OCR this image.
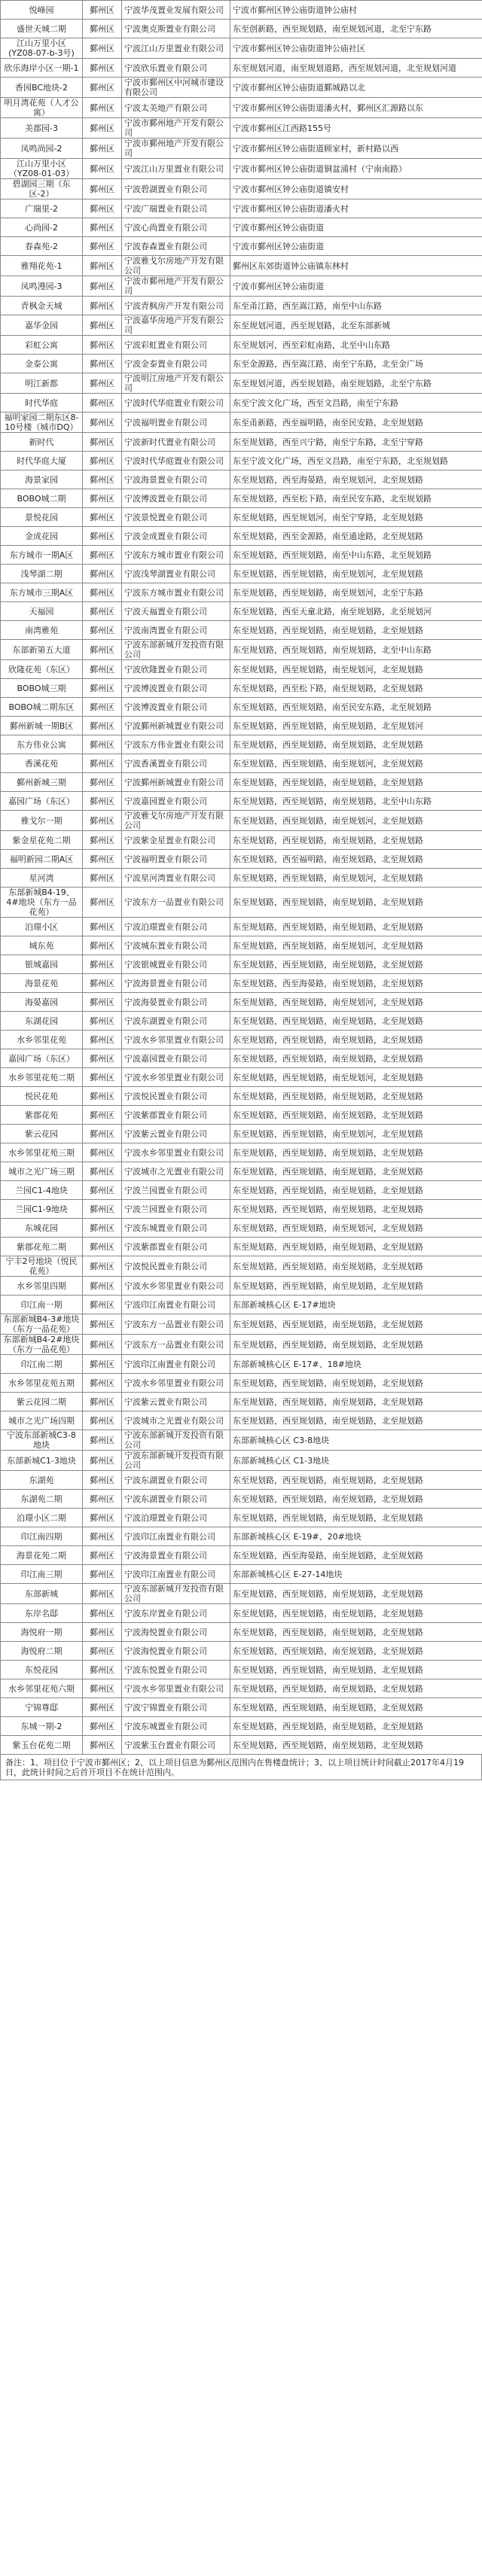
悦峰园	鄞州区	宁波华茂置业发展有限公司	宁波市鄞州区钟公庙街道钟公庙村
盛世天城二期	鄞州区	宁波奥克斯置业有限公司	东至创新路，西至规划路，南至规划河道，北至宁东路
江山万里小区(YZ08-07-b-3号)	鄞州区	宁波江山万里置业有限公司	宁波市鄞州区钟公庙街道钟公庙社区
欣乐海岸小区一期-1	鄞州区	宁波欣乐置业有限公司	东至规划河道，南至规划道路，西至规划河道，北至规划河道
香园BC地块-2	鄞州区	宁波市鄞州区中河城市建设有限公司	宁波市鄞州区钟公庙街道鄞城路以北
明月湾花苑（人才公寓）	鄞州区	宁波太美地产有限公司	宁波市鄞州区钟公庙街道潘火村，鄞州区汇源路以东
美郡园-3	鄞州区	宁波市鄞州地产开发有限公司	宁波市鄞州区江西路155号
凤鸣尚园-2	鄞州区	宁波市鄞州地产开发有限公司	宁波市鄞州区钟公庙街道顾家村，新村路以西
江山万里小区（YZ08-01-03）	鄞州区	宁波江山万里置业有限公司	宁波市鄞州区钟公庙街道铜盆浦村（宁南南路）
碧湖园三期（东区-2）	鄞州区	宁波碧湖置业有限公司	宁波市鄞州区钟公庙街道镇安村
广瑞里-2	鄞州区	宁波广瑞置业有限公司	宁波市鄞州区钟公庙街道潘火村
心尚园-2	鄞州区	宁波心尚置业有限公司	宁波市鄞州区钟公庙街道
春森苑-2	鄞州区	宁波春森置业有限公司	宁波市鄞州区钟公庙街道
雅翔花苑-1	鄞州区	宁波雅戈尔房地产开发有限公司	鄞州区东郊街道钟公庙镇东林村
凤鸣漫园-3	鄞州区	宁波市鄞州地产开发有限公司	宁波市鄞州区钟公庙街道
青枫金天城	鄞州区	宁波青枫房产开发有限公司	东至甬江路，西至嵩江路，南至中山东路
嘉华金园	鄞州区	宁波嘉华房地产开发有限公司	东至规划河道，西至规划路，北至东部新城
彩虹公寓	鄞州区	宁波彩虹置业有限公司	东至规划河，西至彩虹南路，北至中山东路
金泰公寓	鄞州区	宁波金泰置业有限公司	东至金源路，西至嵩江路，南至宁东路，北至金广场
明江新都	鄞州区	宁波明江房地产开发有限公司	东至规划河道，西至规划路，南至规划路，北至宁东路
时代华庭	鄞州区	宁波时代华庭置业有限公司	东至宁波文化广场，西至文昌路，南至宁东路
福明家园二期东区8-10号楼（城市DQ）	鄞州区	宁波福明置业有限公司	东至甬新路，西至福明路，南至民安路，北至规划路
新时代	鄞州区	宁波新时代置业有限公司	东至规划路，西至兴宁路，南至宁东路，北至宁穿路
时代华庭大厦	鄞州区	宁波时代华庭置业有限公司	东至宁波文化广场，西至文昌路，南至宁东路，北至规划路
海景家园	鄞州区	宁波海景置业有限公司	东至规划路，西至海晏路，南至规划河，北至规划路
BOBO城二期	鄞州区	宁波博波置业有限公司	东至规划路，西至松下路，南至民安东路，北至规划路
景悦花园	鄞州区	宁波景悦置业有限公司	东至规划路，西至规划河，南至宁穿路，北至规划路
金成花园	鄞州区	宁波金成置业有限公司	东至规划路，西至金源路，南至通途路，北至规划路
东方城市一期A区	鄞州区	宁波东方城市置业有限公司	东至规划路，西至规划路，南至中山东路，北至规划路
浅琴湖二期	鄞州区	宁波浅琴湖置业有限公司	东至规划路，西至规划路，南至规划河，北至规划路
东方城市三期A区	鄞州区	宁波东方城市置业有限公司	东至规划路，西至规划路，南至规划河，北至宁东路
天福园	鄞州区	宁波天福置业有限公司	东至规划路，西至天童北路，南至规划路，北至规划河
南湾雅苑	鄞州区	宁波南湾置业有限公司	东至规划路，西至规划路，南至规划路，北至规划路
东部新第五大道	鄞州区	宁波东部新城开发投资有限公司	东至规划路，西至规划路，南至规划路，北至中山东路
欣隆花苑（东区）	鄞州区	宁波欣隆置业有限公司	东至规划路，西至规划路，南至规划河，北至规划路
BOBO城三期	鄞州区	宁波博波置业有限公司	东至规划路，西至松下路，南至规划路，北至规划路
BOBO城二期东区	鄞州区	宁波博波置业有限公司	东至规划路，西至规划路，南至民安东路，北至规划路
鄞州新城一期B区	鄞州区	宁波鄞州新城置业有限公司	东至规划路，西至规划路，南至规划路，北至规划河
东方伟业公寓	鄞州区	宁波东方伟业置业有限公司	东至规划路，西至规划路，南至规划路，北至规划路
香溪花苑	鄞州区	宁波香溪置业有限公司	东至规划路，西至规划路，南至规划河，北至规划路
鄞州新城三期	鄞州区	宁波鄞州新城置业有限公司	东至规划路，西至规划路，南至规划路，北至规划路
嘉园广场（东区）	鄞州区	宁波嘉园置业有限公司	东至规划路，西至规划路，南至规划路，北至中山东路
雅戈尔一期	鄞州区	宁波雅戈尔房地产开发有限公司	东至规划路，西至规划路，南至规划河，北至规划路
紫金星花苑二期	鄞州区	宁波紫金星置业有限公司	东至规划路，西至规划路，南至规划路，北至规划路
福明新园二期A区	鄞州区	宁波福明置业有限公司	东至规划路，西至福明路，南至规划路，北至规划路
星河湾	鄞州区	宁波星河湾置业有限公司	东至规划路，西至规划路，南至规划河，北至规划路
东部新城B4-19、4#地块（东方一品花苑）	鄞州区	宁波东方一品置业有限公司	东至规划路，西至规划路，南至规划路，北至规划路
泊璟小区	鄞州区	宁波泊璟置业有限公司	东至规划路，西至规划路，南至规划路，北至规划路
城东苑	鄞州区	宁波城东置业有限公司	东至规划路，西至规划路，南至规划河，北至规划路
银城嘉园	鄞州区	宁波银城置业有限公司	东至规划路，西至规划路，南至规划路，北至规划路
海景花苑	鄞州区	宁波海景置业有限公司	东至规划路，西至海晏路，南至规划路，北至规划路
海晏嘉园	鄞州区	宁波海晏置业有限公司	东至规划路，西至规划路，南至规划河，北至规划路
东湖花园	鄞州区	宁波东湖置业有限公司	东至规划路，西至规划路，南至规划路，北至规划路
水乡邻里花苑	鄞州区	宁波水乡邻里置业有限公司	东至规划路，西至规划路，南至规划路，北至规划路
嘉园广场（东区）	鄞州区	宁波嘉园置业有限公司	东至规划路，西至规划路，南至规划路，北至规划路
水乡邻里花苑二期	鄞州区	宁波水乡邻里置业有限公司	东至规划路，西至规划路，南至规划河，北至规划路
悦民花苑	鄞州区	宁波悦民置业有限公司	东至规划路，西至规划路，南至规划路，北至规划路
紫郡花苑	鄞州区	宁波紫郡置业有限公司	东至规划路，西至规划路，南至规划路，北至规划路
紫云花园	鄞州区	宁波紫云置业有限公司	东至规划路，西至规划路，南至规划河，北至规划路
水乡邻里花苑三期	鄞州区	宁波水乡邻里置业有限公司	东至规划路，西至规划路，南至规划路，北至规划路
城市之光广场三期	鄞州区	宁波城市之光置业有限公司	东至规划路，西至规划路，南至规划路，北至规划路
兰园C1-4地块	鄞州区	宁波兰园置业有限公司	东至规划路，西至规划路，南至规划路，北至规划路
兰园C1-9地块	鄞州区	宁波兰园置业有限公司	东至规划路，西至规划路，南至规划路，北至规划路
东城花园	鄞州区	宁波东城置业有限公司	东至规划路，西至规划路，南至规划河，北至规划路
紫郡花苑二期	鄞州区	宁波紫郡置业有限公司	东至规划路，西至规划路，南至规划路，北至规划路
宁丰2号地块（悦民花苑）	鄞州区	宁波悦民置业有限公司	东至规划路，西至规划路，南至规划路，北至规划路
水乡邻里四期	鄞州区	宁波水乡邻里置业有限公司	东至规划路，西至规划路，南至规划路，北至规划路
印江南一期	鄞州区	宁波印江南置业有限公司	东部新城核心区 E-17#地块
东部新城B4-3#地块（东方一品花苑）	鄞州区	宁波东方一品置业有限公司	东至规划路，西至规划路，南至规划路，北至规划路
东部新城B4-2#地块（东方一品花苑）	鄞州区	宁波东方一品置业有限公司	东至规划路，西至规划路，南至规划路，北至规划路
印江南二期	鄞州区	宁波印江南置业有限公司	东部新城核心区 E-17#、18#地块
水乡邻里花苑五期	鄞州区	宁波水乡邻里置业有限公司	东至规划路，西至规划路，南至规划路，北至规划路
紫云花园二期	鄞州区	宁波紫云置业有限公司	东至规划路，西至规划路，南至规划路，北至规划路
城市之光广场四期	鄞州区	宁波城市之光置业有限公司	东至规划路，西至规划路，南至规划路，北至规划路
宁波东部新城C3-8地块	鄞州区	宁波东部新城开发投资有限公司	东部新城核心区 C3-8地块
东部新城C1-3地块	鄞州区	宁波东部新城开发投资有限公司	东部新城核心区 C1-3地块
东湖苑	鄞州区	宁波东湖置业有限公司	东至规划路，西至规划路，南至规划路，北至规划路
东湖苑二期	鄞州区	宁波东湖置业有限公司	东至规划路，西至规划路，南至规划路，北至规划路
泊璟小区二期	鄞州区	宁波泊璟置业有限公司	东至规划路，西至规划路，南至规划路，北至规划路
印江南四期	鄞州区	宁波印江南置业有限公司	东部新城核心区 E-19#、20#地块
海景花苑二期	鄞州区	宁波海景置业有限公司	东至规划路，西至海晏路，南至规划路，北至规划路
印江南三期	鄞州区	宁波印江南置业有限公司	东部新城核心区 E-27-14地块
东部新城	鄞州区	宁波东部新城开发投资有限公司	东至规划路，西至规划路，南至规划路，北至规划路
东岸名邸	鄞州区	宁波东岸置业有限公司	东至规划路，西至规划路，南至规划路，北至规划路
海悦府一期	鄞州区	宁波海悦置业有限公司	东至规划路，西至规划路，南至规划路，北至规划路
海悦府二期	鄞州区	宁波海悦置业有限公司	东至规划路，西至规划路，南至规划路，北至规划路
东悦花园	鄞州区	宁波东悦置业有限公司	东至规划路，西至规划路，南至规划路，北至规划路
水乡邻里花苑六期	鄞州区	宁波水乡邻里置业有限公司	东至规划路，西至规划路，南至规划路，北至规划路
宁锦尊邸	鄞州区	宁波宁锦置业有限公司	东至规划路，西至规划路，南至规划路，北至规划路
东城一期-2	鄞州区	宁波东城置业有限公司	东至规划路，西至规划路，南至规划路，北至规划路
紫玉台花苑二期	鄞州区	宁波紫玉台置业有限公司	东至规划路，西至规划路，南至规划路，北至规划路
备注：1、项目位于宁波市鄞州区；2、以上项目信息为鄞州区范围内在售楼盘统计；3、以上项目统计时间截止2017年4月19日，此统计时间之后首开项目不在统计范围内。
